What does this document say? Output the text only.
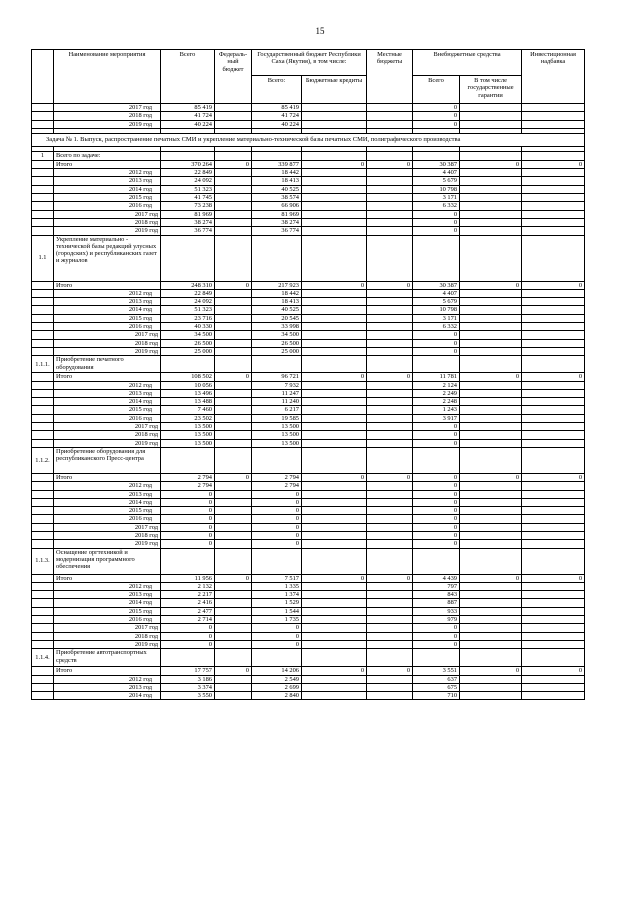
15
	Наименование мероприятия	Всего	Федераль-ный бюджет	Государственный бюджет Республики Саха (Якутия), в том числе:		Местные бюджеты	Внебюджетные средства		Инвестиционная надбавка
				Всего:	Бюджетные кредиты		Всего	В том числе государственные гарантии	
	2017 год	85 419		85 419			0		
	2018 год	41 724		41 724			0		
	2019 год	40 224		40 224			0		

Задача № 1. Выпуск, распространение печатных СМИ и укрепление материально-технической базы печатных СМИ, полиграфического производства									

1	Всего по задаче:								
	Итого	370 264	0	339 877	0	0	30 387	0	0
	2012 год	22 849		18 442			4 407		
	2013 год	24 092		18 413			5 679		
	2014 год	51 323		40 525			10 798		
	2015 год	41 745		38 574			3 171		
	2016 год	73 238		66 906			6 332		
	2017 год	81 969		81 969			0		
	2018 год	38 274		38 274			0		
	2019 год	36 774		36 774			0		
1.1	Укрепление материально - технической базы редакций улусных (городских) и республиканских газет и журналов								
	Итого	248 310	0	217 923	0	0	30 387	0	0
	2012 год	22 849		18 442			4 407		
	2013 год	24 092		18 413			5 679		
	2014 год	51 323		40 525			10 798		
	2015 год	23 716		20 545			3 171		
	2016 год	40 330		33 998			6 332		
	2017 год	34 500		34 500			0		
	2018 год	26 500		26 500			0		
	2019 год	25 000		25 000			0		
1.1.1.	Приобретение печатного оборудования								
	Итого	108 502	0	96 721	0	0	11 781	0	0
	2012 год	10 056		7 932			2 124		
	2013 год	13 496		11 247			2 249		
	2014 год	13 488		11 240			2 248		
	2015 год	7 460		6 217			1 243		
	2016 год	23 502		19 585			3 917		
	2017 год	13 500		13 500			0		
	2018 год	13 500		13 500			0		
	2019 год	13 500		13 500			0		
1.1.2.	Приобретение оборудования для республиканского Пресс-центра								
	Итого	2 794	0	2 794	0	0	0	0	0
	2012 год	2 794		2 794			0		
	2013 год	0		0			0		
	2014 год	0		0			0		
	2015 год	0		0			0		
	2016 год	0		0			0		
	2017 год	0		0			0		
	2018 год	0		0			0		
	2019 год	0		0			0		
1.1.3.	Оснащение оргтехникой и модернизация программного обеспечения								
	Итого	11 956	0	7 517	0	0	4 439	0	0
	2012 год	2 132		1 335			797		
	2013 год	2 217		1 374			843		
	2014 год	2 416		1 529			887		
	2015 год	2 477		1 544			933		
	2016 год	2 714		1 735			979		
	2017 год	0		0			0		
	2018 год	0		0			0		
	2019 год	0		0			0		
1.1.4.	Приобретение автотранспортных средств								
	Итого	17 757	0	14 206	0	0	3 551	0	0
	2012 год	3 186		2 549			637		
	2013 год	3 374		2 699			675		
	2014 год	3 550		2 840			710		
